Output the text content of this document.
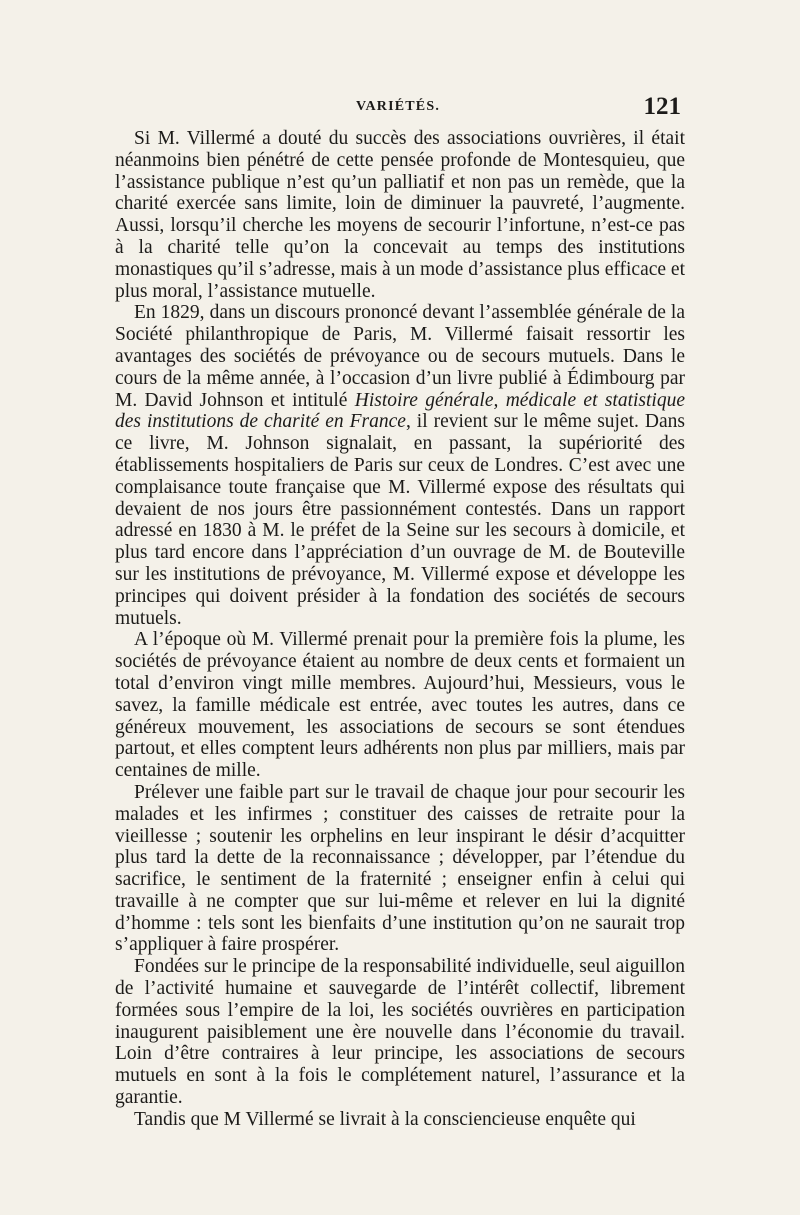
VARIÉTÉS.	121

Si M. Villermé a douté du succès des associations ouvrières, il était néanmoins bien pénétré de cette pensée profonde de Montesquieu, que l’assistance publique n’est qu’un palliatif et non pas un remède, que la charité exercée sans limite, loin de diminuer la pauvreté, l’augmente. Aussi, lorsqu’il cherche les moyens de secourir l’infortune, n’est-ce pas à la charité telle qu’on la concevait au temps des institutions monastiques qu’il s’adresse, mais à un mode d’assistance plus efficace et plus moral, l’assistance mutuelle.

En 1829, dans un discours prononcé devant l’assemblée générale de la Société philanthropique de Paris, M. Villermé faisait ressortir les avantages des sociétés de prévoyance ou de secours mutuels. Dans le cours de la même année, à l’occasion d’un livre publié à Édimbourg par M. David Johnson et intitulé Histoire générale, médicale et statistique des institutions de charité en France, il revient sur le même sujet. Dans ce livre, M. Johnson signalait, en passant, la supériorité des établissements hospitaliers de Paris sur ceux de Londres. C’est avec une complaisance toute française que M. Villermé expose des résultats qui devaient de nos jours être passionnément contestés. Dans un rapport adressé en 1830 à M. le préfet de la Seine sur les secours à domicile, et plus tard encore dans l’appréciation d’un ouvrage de M. de Bouteville sur les institutions de prévoyance, M. Villermé expose et développe les principes qui doivent présider à la fondation des sociétés de secours mutuels.

A l’époque où M. Villermé prenait pour la première fois la plume, les sociétés de prévoyance étaient au nombre de deux cents et formaient un total d’environ vingt mille membres. Aujourd’hui, Messieurs, vous le savez, la famille médicale est entrée, avec toutes les autres, dans ce généreux mouvement, les associations de secours se sont étendues partout, et elles comptent leurs adhérents non plus par milliers, mais par centaines de mille.

Prélever une faible part sur le travail de chaque jour pour secourir les malades et les infirmes ; constituer des caisses de retraite pour la vieillesse ; soutenir les orphelins en leur inspirant le désir d’acquitter plus tard la dette de la reconnaissance ; développer, par l’étendue du sacrifice, le sentiment de la fraternité ; enseigner enfin à celui qui travaille à ne compter que sur lui-même et relever en lui la dignité d’homme : tels sont les bienfaits d’une institution qu’on ne saurait trop s’appliquer à faire prospérer.

Fondées sur le principe de la responsabilité individuelle, seul aiguillon de l’activité humaine et sauvegarde de l’intérêt collectif, librement formées sous l’empire de la loi, les sociétés ouvrières en participation inaugurent paisiblement une ère nouvelle dans l’économie du travail. Loin d’être contraires à leur principe, les associations de secours mutuels en sont à la fois le complétement naturel, l’assurance et la garantie.

Tandis que M Villermé se livrait à la consciencieuse enquête qui
